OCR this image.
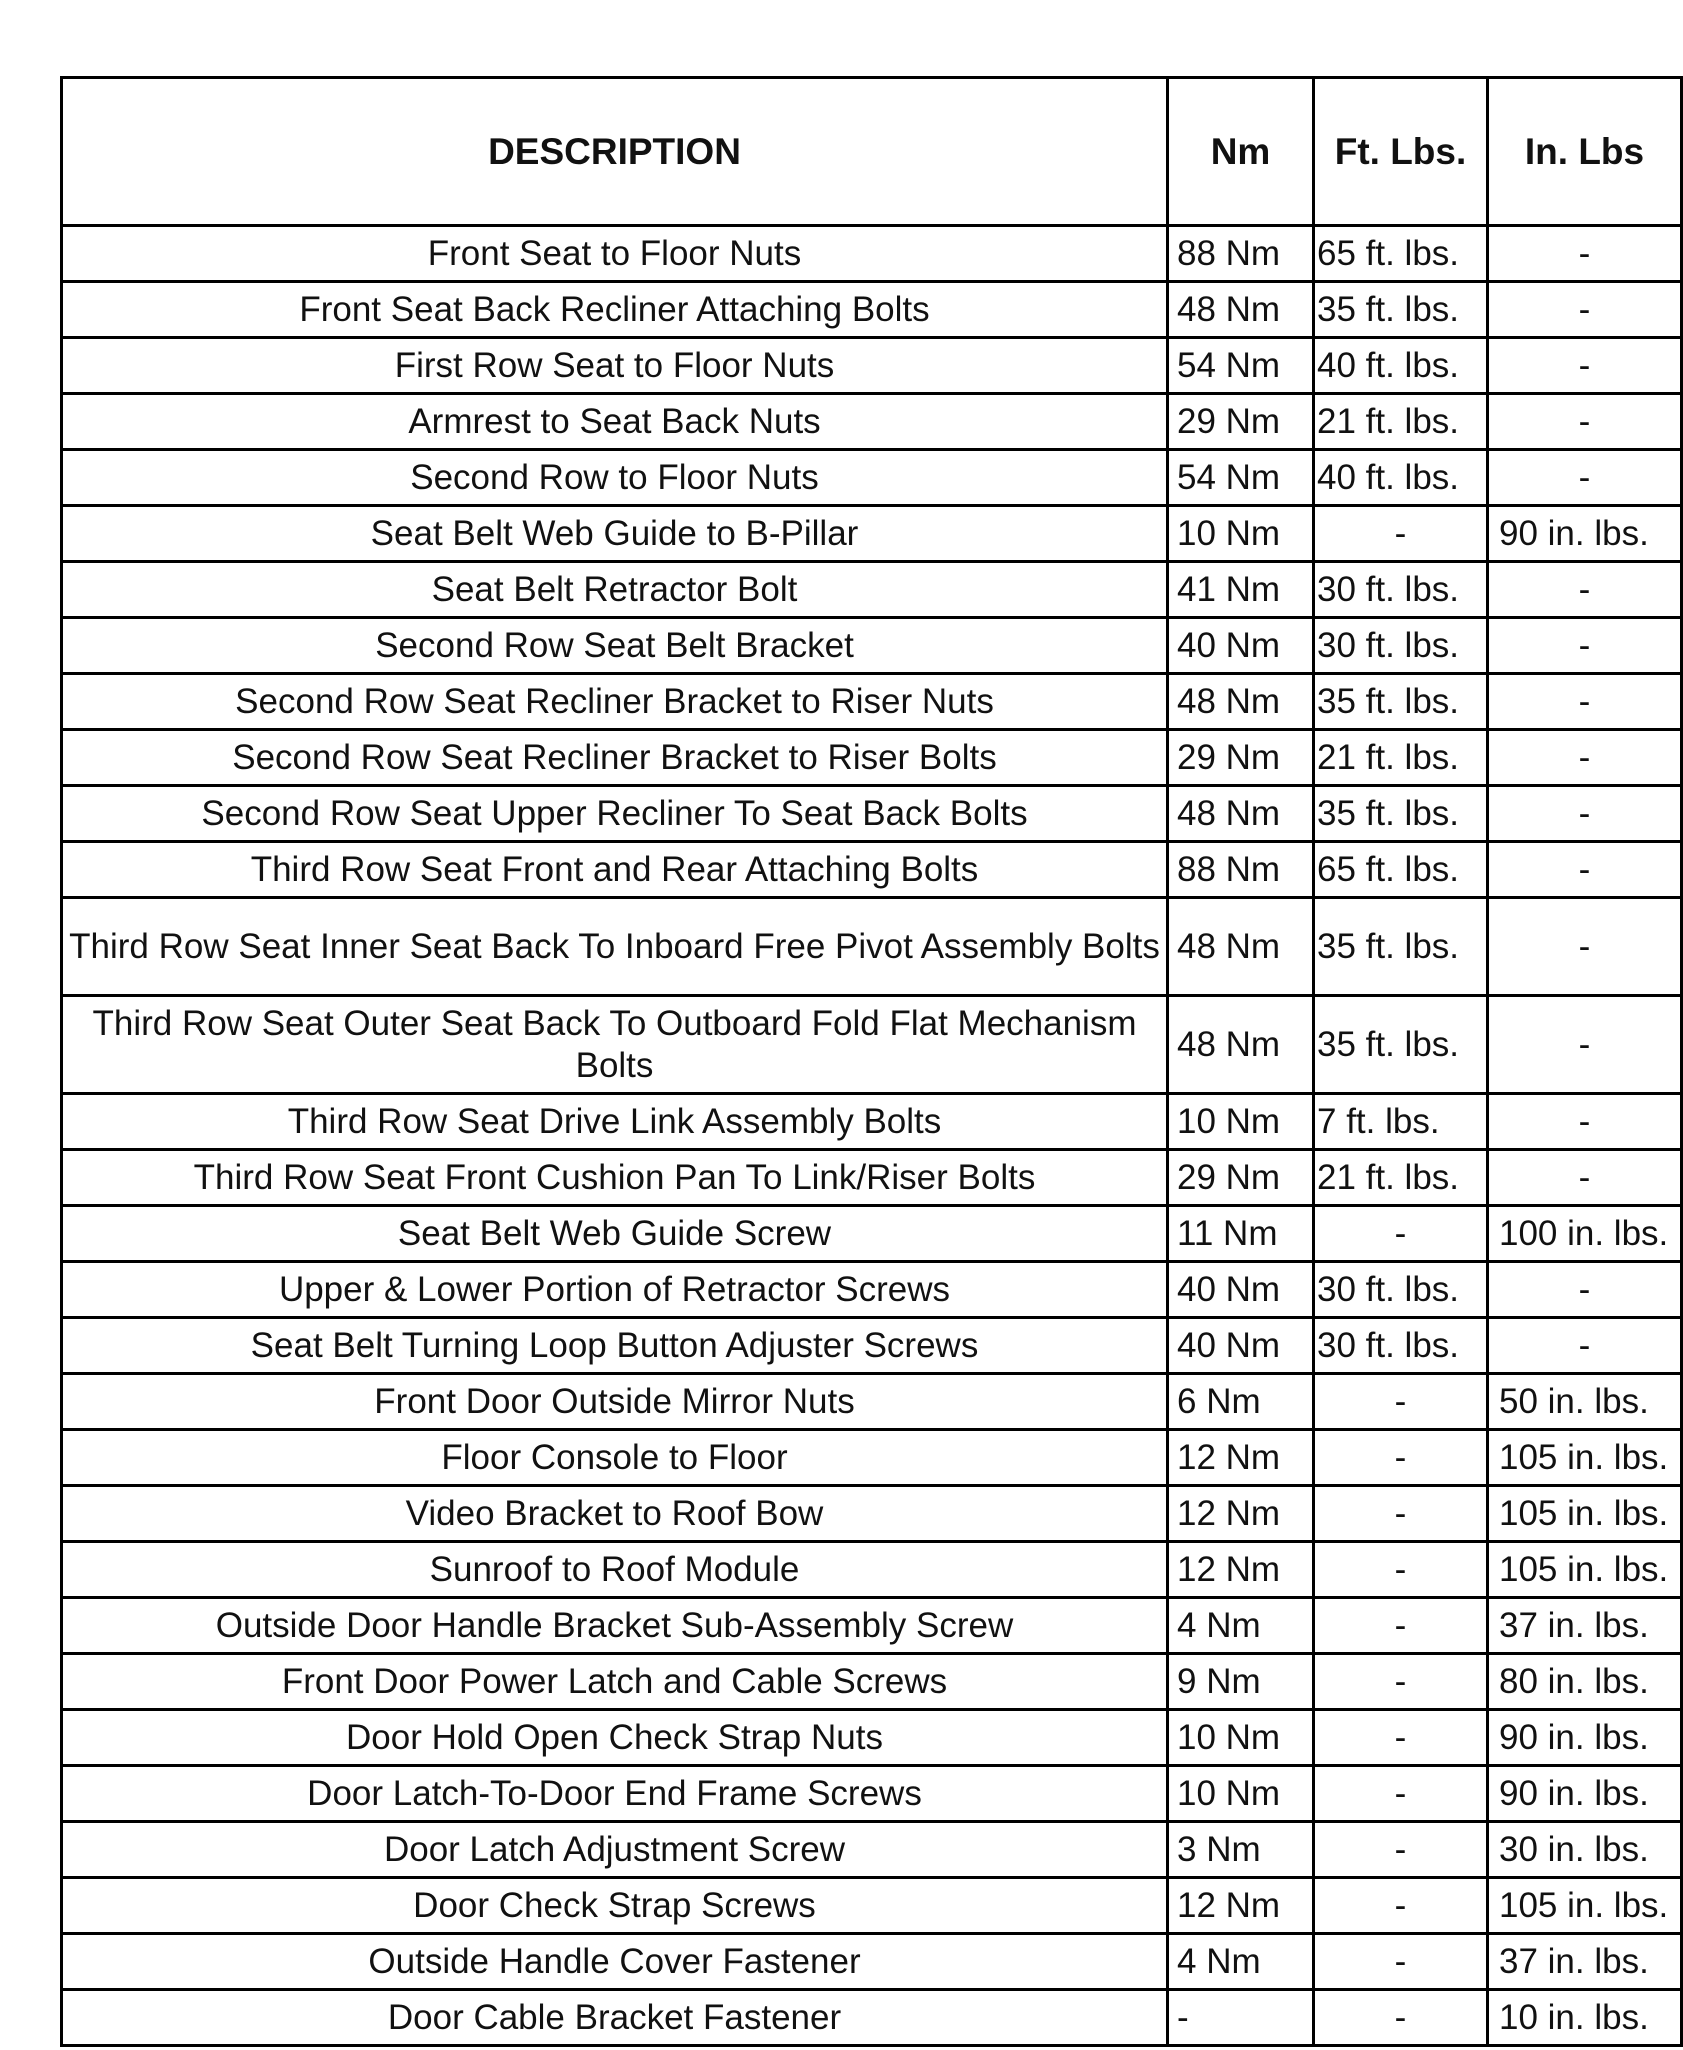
DESCRIPTION	Nm	Ft. Lbs.	In. Lbs
Front Seat to Floor Nuts	88 Nm	65 ft. lbs.	-
Front Seat Back Recliner Attaching Bolts	48 Nm	35 ft. lbs.	-
First Row Seat to Floor Nuts	54 Nm	40 ft. lbs.	-
Armrest to Seat Back Nuts	29 Nm	21 ft. lbs.	-
Second Row to Floor Nuts	54 Nm	40 ft. lbs.	-
Seat Belt Web Guide to B-Pillar	10 Nm	-	90 in. lbs.
Seat Belt Retractor Bolt	41 Nm	30 ft. lbs.	-
Second Row Seat Belt Bracket	40 Nm	30 ft. lbs.	-
Second Row Seat Recliner Bracket to Riser Nuts	48 Nm	35 ft. lbs.	-
Second Row Seat Recliner Bracket to Riser Bolts	29 Nm	21 ft. lbs.	-
Second Row Seat Upper Recliner To Seat Back Bolts	48 Nm	35 ft. lbs.	-
Third Row Seat Front and Rear Attaching Bolts	88 Nm	65 ft. lbs.	-
Third Row Seat Inner Seat Back To Inboard Free Pivot Assembly Bolts	48 Nm	35 ft. lbs.	-
Third Row Seat Outer Seat Back To Outboard Fold Flat Mechanism Bolts	48 Nm	35 ft. lbs.	-
Third Row Seat Drive Link Assembly Bolts	10 Nm	7 ft. lbs.	-
Third Row Seat Front Cushion Pan To Link/Riser Bolts	29 Nm	21 ft. lbs.	-
Seat Belt Web Guide Screw	11 Nm	-	100 in. lbs.
Upper & Lower Portion of Retractor Screws	40 Nm	30 ft. lbs.	-
Seat Belt Turning Loop Button Adjuster Screws	40 Nm	30 ft. lbs.	-
Front Door Outside Mirror Nuts	6 Nm	-	50 in. lbs.
Floor Console to Floor	12 Nm	-	105 in. lbs.
Video Bracket to Roof Bow	12 Nm	-	105 in. lbs.
Sunroof to Roof Module	12 Nm	-	105 in. lbs.
Outside Door Handle Bracket Sub-Assembly Screw	4 Nm	-	37 in. lbs.
Front Door Power Latch and Cable Screws	9 Nm	-	80 in. lbs.
Door Hold Open Check Strap Nuts	10 Nm	-	90 in. lbs.
Door Latch-To-Door End Frame Screws	10 Nm	-	90 in. lbs.
Door Latch Adjustment Screw	3 Nm	-	30 in. lbs.
Door Check Strap Screws	12 Nm	-	105 in. lbs.
Outside Handle Cover Fastener	4 Nm	-	37 in. lbs.
Door Cable Bracket Fastener	-	-	10 in. lbs.
